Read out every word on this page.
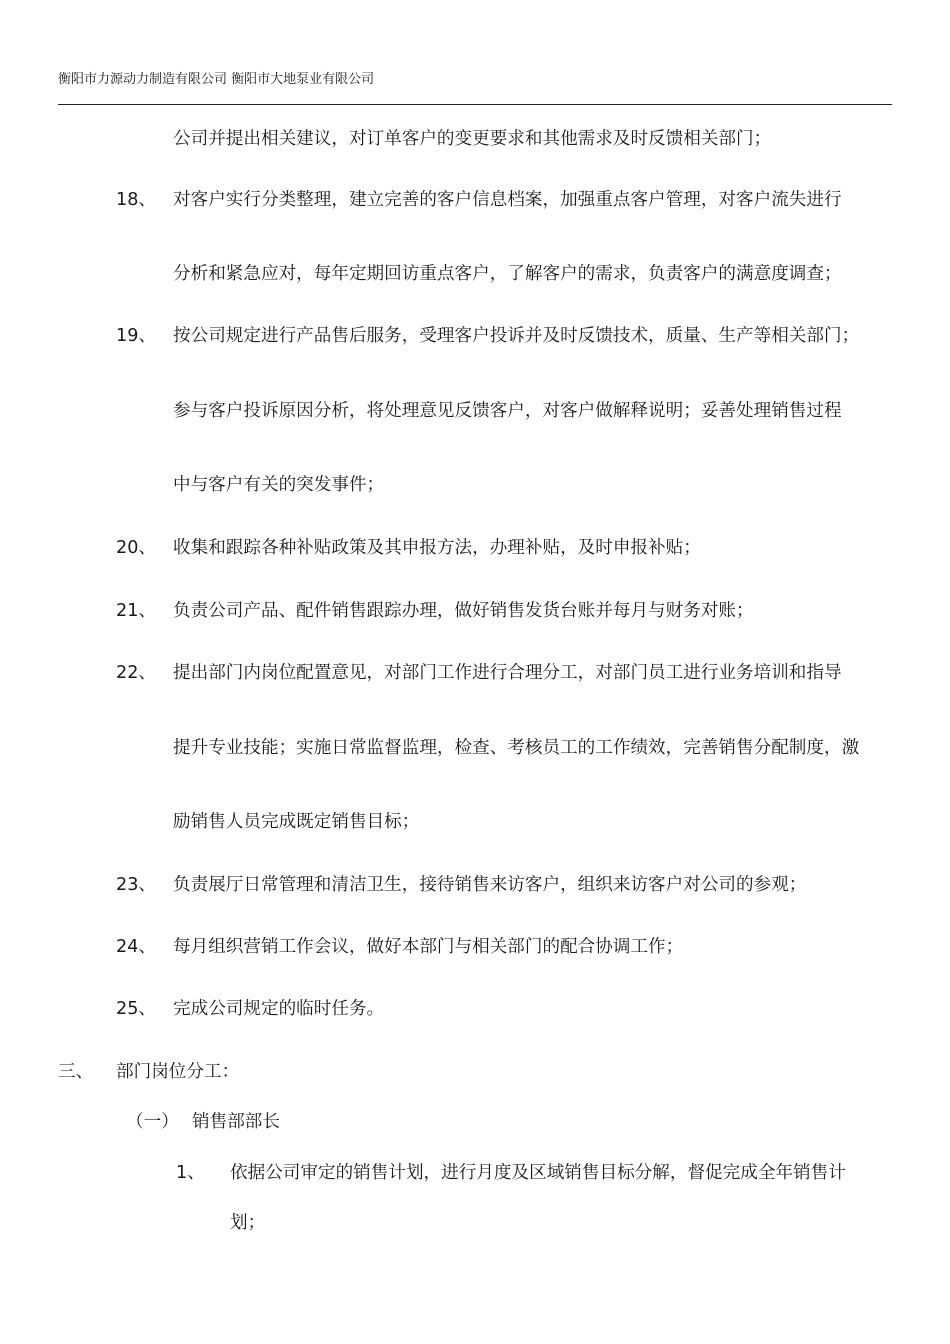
衡阳市力源动力制造有限公司 衡阳市大地泵业有限公司
公司并提出相关建议，对订单客户的变更要求和其他需求及时反馈相关部门；
18、 对客户实行分类整理，建立完善的客户信息档案，加强重点客户管理，对客户流失进行
分析和紧急应对，每年定期回访重点客户，了解客户的需求，负责客户的满意度调查；
19、 按公司规定进行产品售后服务，受理客户投诉并及时反馈技术，质量、生产等相关部门；
参与客户投诉原因分析，将处理意见反馈客户，对客户做解释说明；妥善处理销售过程
中与客户有关的突发事件；
20、 收集和跟踪各种补贴政策及其申报方法，办理补贴，及时申报补贴；
21、 负责公司产品、配件销售跟踪办理，做好销售发货台账并每月与财务对账；
22、 提出部门内岗位配置意见，对部门工作进行合理分工，对部门员工进行业务培训和指导
提升专业技能；实施日常监督监理，检查、考核员工的工作绩效，完善销售分配制度，激
励销售人员完成既定销售目标；
23、 负责展厅日常管理和清洁卫生，接待销售来访客户，组织来访客户对公司的参观；
24、 每月组织营销工作会议，做好本部门与相关部门的配合协调工作；
25、 完成公司规定的临时任务。
三、 部门岗位分工：
（一） 销售部部长
1、 依据公司审定的销售计划，进行月度及区域销售目标分解，督促完成全年销售计
划；
